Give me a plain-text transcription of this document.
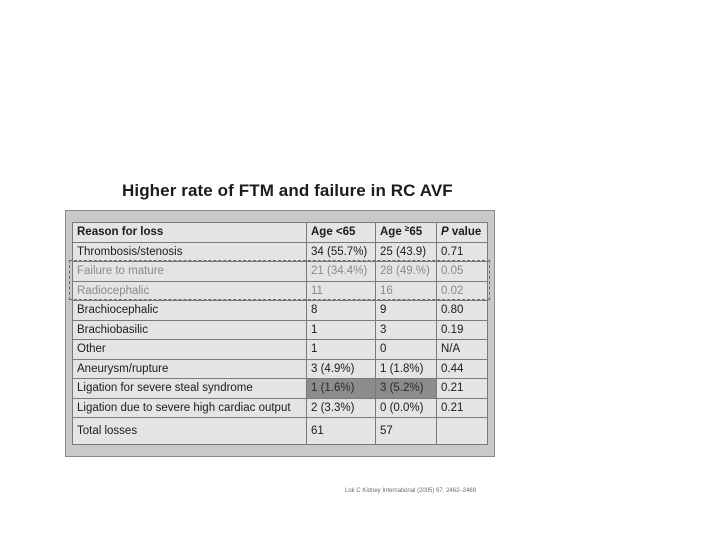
Higher rate of FTM and failure in RC AVF
Reason for loss	Age <65	Age ≥65	P value
Thrombosis/stenosis	34 (55.7%)	25 (43.9)	0.71
Failure to mature	21 (34.4%)	28 (49.%)	0.05
Radiocephalic	11	16	0.02
Brachiocephalic	8	9	0.80
Brachiobasilic	1	3	0.19
Other	1	0	N/A
Aneurysm/rupture	3 (4.9%)	1 (1.8%)	0.44
Ligation for severe steal syndrome	1 (1.6%)	3 (5.2%)	0.21
Ligation due to severe high cardiac output	2 (3.3%)	0 (0.0%)	0.21
Total losses	61	57	
Lok C Kidney International (2005) 67, 2462–2469
